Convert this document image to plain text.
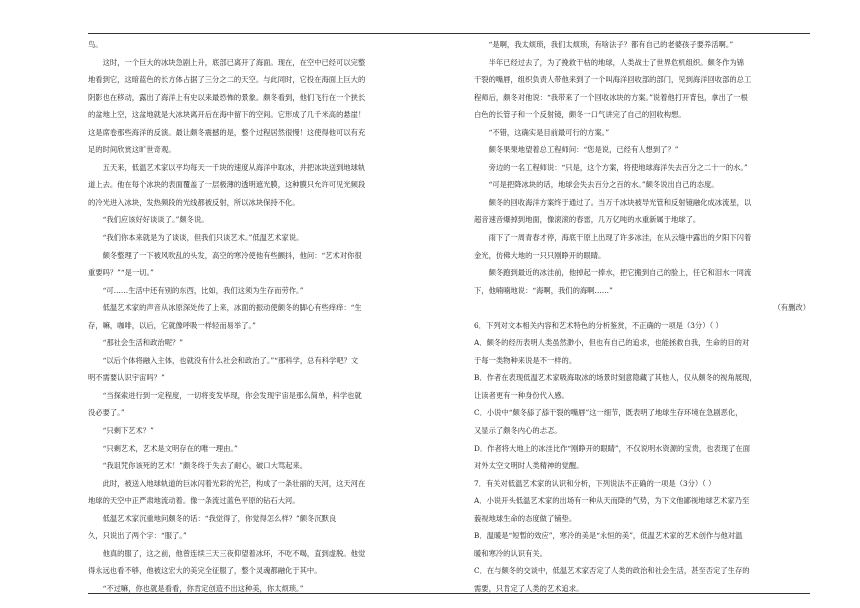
鸟。

这时，一个巨大的冰块急剧上升，底部已离开了海面。现在，在空中已经可以完整

地看到它，这暗蓝色的长方体占据了三分之二的天空。与此同时，它投在海面上巨大的

阴影也在移动，露出了海洋上有史以来最恐怖的景象。颇冬看到，他们飞行在一个狭长

的盆地上空，这盆地就是大冰块离开后在海中留下的空间。它形成了几千米高的悬崖！

这是席卷那些海洋的反演。最让颇冬震撼的是，整个过程居然很慢！这使得他可以有充

足的时间欣赏这旷世奇观。

五天来，低温艺术家以平均每天一千块的速度从海洋中取冰，并把冰块送到地球轨

道上去。他在每个冰块的表面覆盖了一层极薄的透明遮光膜，这种膜只允许可见光频段

的冷光进入冰块，发热频段的光线都被反射，所以冰块保持不化。

“我们应该好好谈谈了。”颇冬说。

“我们你本来就是为了谈谈，但我们只谈艺术。”低温艺术家说。

颇冬整理了一下被风吹乱的头发，高空的寒冷使他有些颤抖，他问：“艺术对你很

重要吗？”“是一切。”

“可……生活中还有别的东西，比如，我们这须为生存而劳作。”

低温艺术家的声音从冰原深处传了上来，冰面的振动使颇冬的脚心有些痒痒：“生

存，嘛，咖啡，以后，它就像呼吸一样轻而易举了。”

“那社会生活和政治呢？”

“以后个体将融入主体，也就没有什么社会和政治了。”“那科学，总有科学吧？文

明不需要认识宇宙吗？”

“当探索进行到一定程度，一切将变发毕现，你会发现宇宙是那么简单，科学也就

没必要了。”

“只剩下艺术？”

“只剩艺术，艺术是文明存在的唯一理由。”

“我诅咒你该死的艺术！”颇冬终于失去了耐心，破口大骂起来。

此时，被送入地球轨道的巨冰闪着光彩的光芒，构成了一条壮丽的天河，这天河在

地球的天空中正严肃地流动着。像一条流过蓝色平原的钻石大河。

低温艺术家沉重地问颇冬的话：“我觉得了，你觉得怎么样？”颇冬沉默良

久，只说出了两个字：“服了。”

他真的服了，这之前，他曾连续三天三夜仰望着冰环，不吃不喝，直到虚脱。他觉

得永远也看不够，他被这宏大的美完全征服了，整个灵魂都融化于其中。

“不过嘛，你也就是看看，你肯定创造不出这种美，你太烦琐。”

“是啊，我太烦琐，我们太烦琐，有啥法子？都有自己的老婆孩子要养活啊。”

半年已经过去了，为了挽救干枯的地球，人类战士了世界危机组织。颇冬作为锦

干裂的嘴唇，组织负责人带他来到了一个叫海洋回收部的部门，见到海洋回收部的总工

程师后，颇冬对他说：“我带来了一个回收冰块的方案。”说着他打开背包，拿出了一根

白色的长管子和一个反射镜，颇冬一口气讲完了自己的回收构想。

“不错，这确实是目前最可行的方案。”

颇冬果果地望着总工程师问：“您是说，已经有人想到了？”

旁边的一名工程师说：“只是，这个方案，将使地球海洋失去百分之二十一的水。”

“可是把降冰块的话，地球会失去百分之百的水。”颇冬说出自己的态度。

颇冬的回收海洋方案终于通过了。当万千冰块被导光管和反射镜融化成冰流星，以

超音速音爆掉到地面，像滚滚的春雷，几万亿吨的水重新属于地球了。

雨下了一周青春才停，海底干原上出现了许多冰洼，在从云缝中露出的夕阳下闪着

金光，仿佛大地的一只只刚睁开的眼睛。

颇冬跑到最近的冰洼前，他掉起一捧水，把它搬到自己的脸上，任它和泪水一同流

下，他喃喃地说：“海啊，我们的海啊……”

（有删改）

6．下列对文本相关内容和艺术特色的分析鉴赏，不正确的一项是（3分）（ ）

A．颇冬的经历表明人类虽然渺小，但也有自己的追求，也能拯救自我，生命的目的对

于每一类物种来说是不一样的。

B．作者在表现低温艺术家吸海取冰的场景时刻意隐藏了其他人，仅从颇冬的视角展现，

让读者更有一种身份代入感。

C．小说中“颇冬舔了舔干裂的嘴唇”这一细节，既表明了地球生存环境在急剧恶化，

又显示了颇冬内心的忐忑。

D．作者将大地上的冰洼比作“刚睁开的眼睛”，不仅说明水资源的宝贵，也表现了在面

对外太空文明时人类精神的觉醒。

7．有关对低温艺术家的认识和分析，下列说法不正确的一项是（3分）（ ）

A．小说开头低温艺术家的出场有一种从天而降的气势，为下文他鄙视地球艺术家乃至

藐视地球生命的态度做了铺垫。

B．温暖是“短暂的效应”，寒冷的美是“永恒的美”，低温艺术家的艺术创作与他对温

暖和寒冷的认识有关。

C．在与颇冬的交谈中，低温艺术家否定了人类的政治和社会生活，甚至否定了生存的

需要，只肯定了人类的艺术追求。
